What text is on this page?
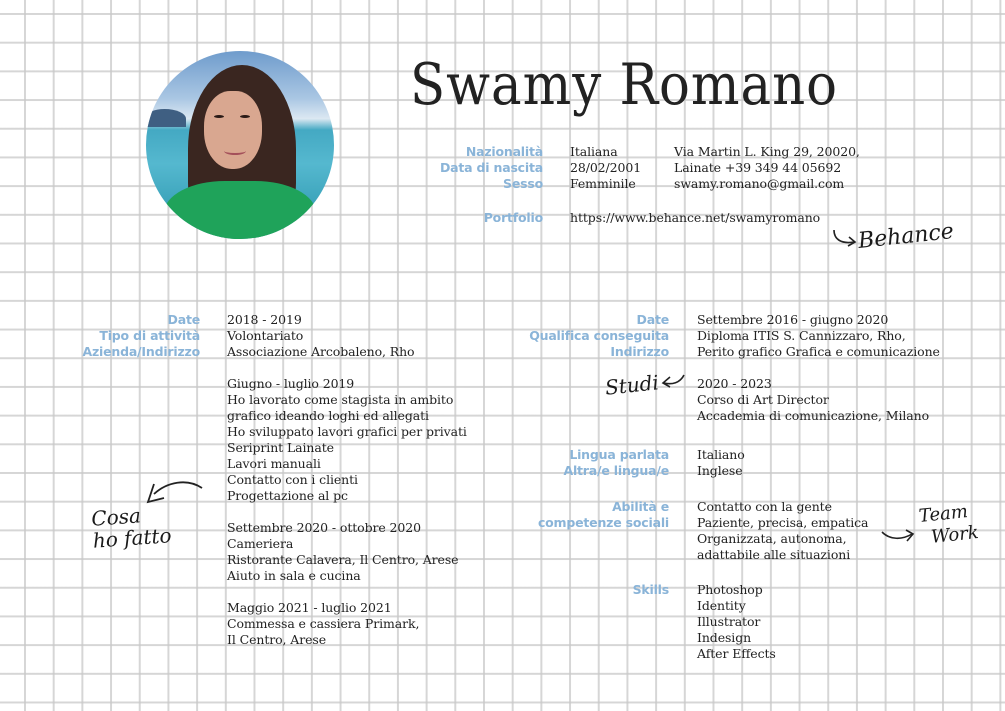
Swamy Romano
Nazionalità
Data di nascita
Sesso
Italiana
28/02/2001
Femminile
Via Martin L. King 29, 20020,
Lainate +39 349 44 05692
swamy.romano@gmail.com
Portfolio https://www.behance.net/swamyromano
Behance
Date
Tipo di attività
Azienda/Indirizzo
2018 - 2019
Volontariato
Associazione Arcobaleno, Rho
Giugno - luglio 2019
Ho lavorato come stagista in ambito
grafico ideando loghi ed allegati
Ho sviluppato lavori grafici per privati
Seriprint Lainate
Lavori manuali
Contatto con i clienti
Progettazione al pc
Settembre 2020 - ottobre 2020
Cameriera
Ristorante Calavera, Il Centro, Arese
Aiuto in sala e cucina
Maggio 2021 - luglio 2021
Commessa e cassiera Primark,
Il Centro, Arese
Cosa
ho fatto
Date
Qualifica conseguita
Indirizzo
Settembre 2016 - giugno 2020
Diploma ITIS S. Cannizzaro, Rho,
Perito grafico Grafica e comunicazione
2020 - 2023
Corso di Art Director
Accademia di comunicazione, Milano
Studi
Lingua parlata
Altra/e lingua/e
Italiano
Inglese
Abilità e
competenze sociali
Contatto con la gente
Paziente, precisa, empatica
Organizzata, autonoma,
adattabile alle situazioni
Team
Work
Skills Photoshop
Identity
Illustrator
Indesign
After Effects
